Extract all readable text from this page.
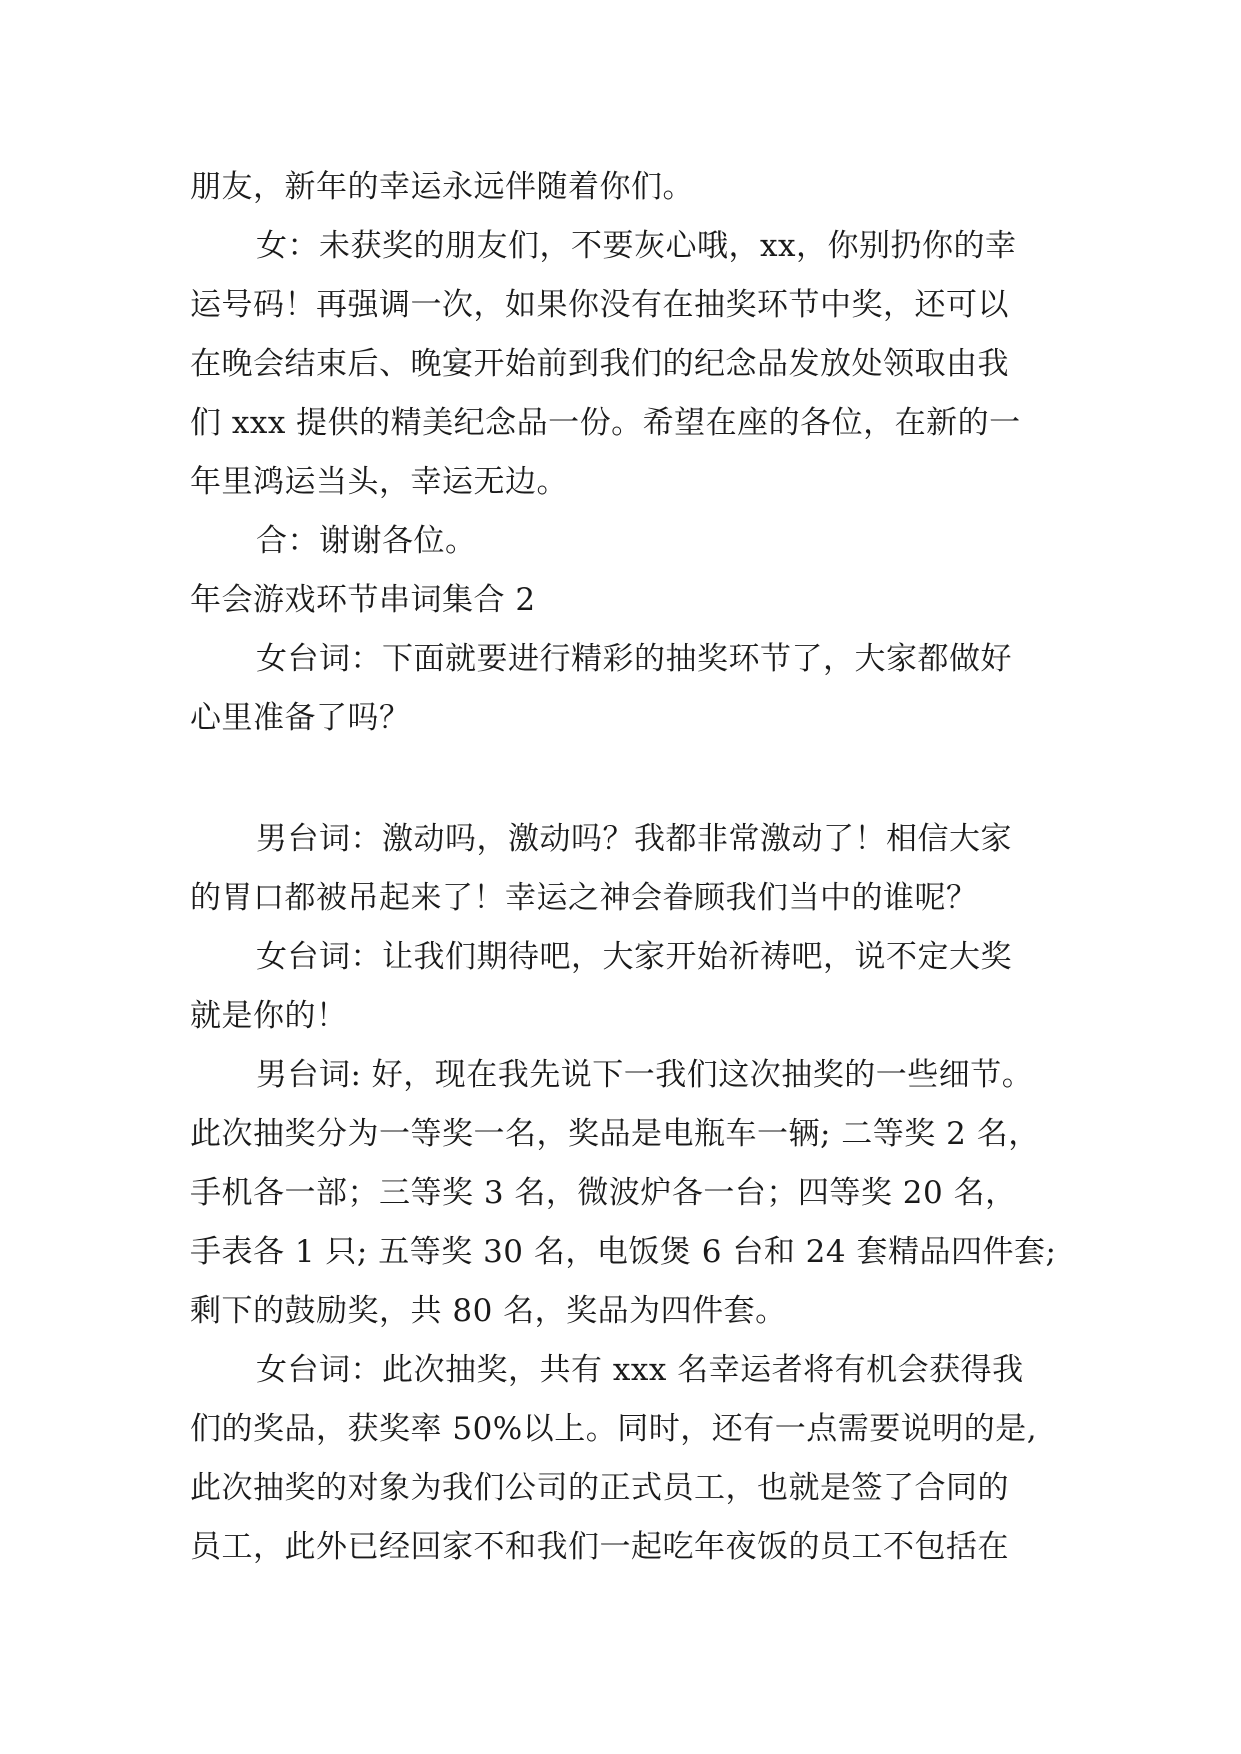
朋友，新年的幸运永远伴随着你们。
女：未获奖的朋友们，不要灰心哦，xx，你别扔你的幸
运号码！再强调一次，如果你没有在抽奖环节中奖，还可以
在晚会结束后、晚宴开始前到我们的纪念品发放处领取由我
们 xxx 提供的精美纪念品一份。希望在座的各位，在新的一
年里鸿运当头，幸运无边。
合：谢谢各位。
年会游戏环节串词集合 2
女台词：下面就要进行精彩的抽奖环节了，大家都做好
心里准备了吗？
男台词：激动吗，激动吗？我都非常激动了！相信大家
的胃口都被吊起来了！幸运之神会眷顾我们当中的谁呢？
女台词：让我们期待吧，大家开始祈祷吧，说不定大奖
就是你的！
男台词: 好，现在我先说下一我们这次抽奖的一些细节。
此次抽奖分为一等奖一名，奖品是电瓶车一辆; 二等奖 2 名，
手机各一部；三等奖 3 名，微波炉各一台；四等奖 20 名，
手表各 1 只; 五等奖 30 名，电饭煲 6 台和 24 套精品四件套;
剩下的鼓励奖，共 80 名，奖品为四件套。
女台词：此次抽奖，共有 xxx 名幸运者将有机会获得我
们的奖品，获奖率 50%以上。同时，还有一点需要说明的是,
此次抽奖的对象为我们公司的正式员工，也就是签了合同的
员工，此外已经回家不和我们一起吃年夜饭的员工不包括在
